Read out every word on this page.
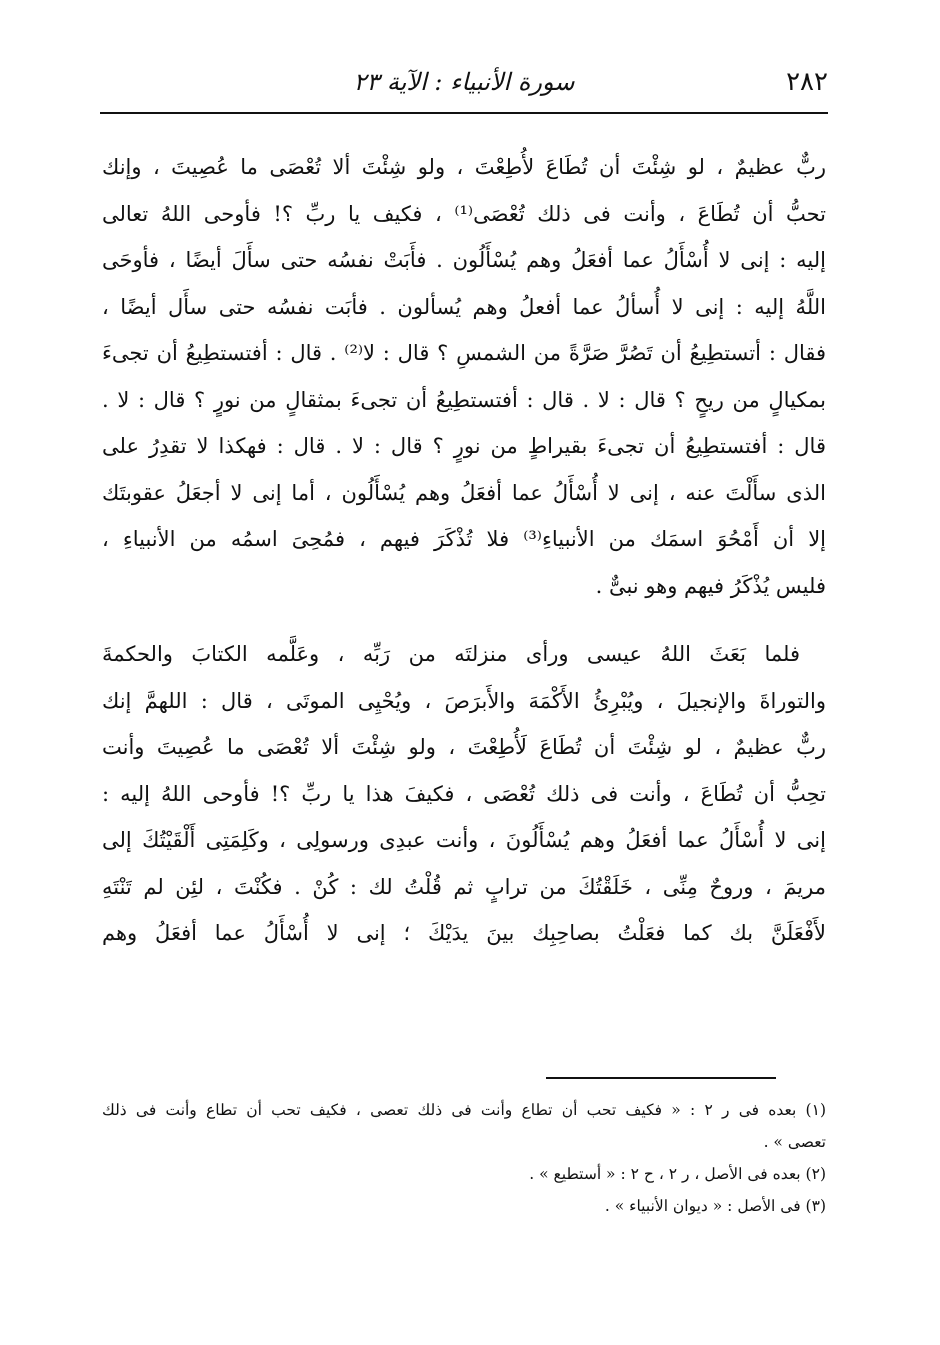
٢٨٢
سورة الأنبياء : الآية ٢٣
ربٌّ عظيمٌ ، لو شِئْتَ أن تُطَاعَ لأُطِعْتَ ، ولو شِئْتَ ألا تُعْصَى ما عُصِيتَ ، وإنك
تحبُّ أن تُطَاعَ ، وأنت فى ذلك تُعْصَى⁽¹⁾ ، فكيف يا ربِّ ؟! فأوحى اللهُ تعالى
إليه : إنى لا أُسْأَلُ عما أفعَلُ وهم يُسْأَلُون . فأَبَتْ نفسُه حتى سأَلَ أيضًا ، فأوحَى
اللَّهُ إليه : إنى لا أُسألُ عما أفعلُ وهم يُسألون . فأبَت نفسُه حتى سأَل أيضًا ،
فقال : أتستطِيعُ أن تَصُرَّ صَرَّةً من الشمسِ ؟ قال : لا⁽²⁾ . قال : أفتستطِيعُ أن تجىءَ
بمكيالٍ من ريحٍ ؟ قال : لا . قال : أفتستطِيعُ أن تجىءَ بمثقالٍ من نورٍ ؟ قال : لا .
قال : أفتستطِيعُ أن تجىءَ بقيراطٍ من نورٍ ؟ قال : لا . قال : فهكذا لا تقدِرُ على
الذى سأَلْتَ عنه ، إنى لا أُسْأَلُ عما أفعَلُ وهم يُسْأَلُون ، أما إنى لا أجعَلُ عقوبتَك
إلا أن أَمْحُوَ اسمَك من الأنبياءِ⁽³⁾ فلا تُذْكَرَ فيهم ، فمُحِىَ اسمُه من الأنبياءِ ،
فليس يُذْكَرُ فيهم وهو نبىٌّ .
فلما بَعَثَ اللهُ عيسى ورأى منزلتَه من رَبِّه ، وعَلَّمه الكتابَ والحكمةَ
والتوراةَ والإنجيلَ ، ويُبْرِئُ الأَكْمَهَ والأَبرَصَ ، ويُحْيِى الموتَى ، قال : اللهمَّ إنك
ربٌّ عظيمٌ ، لو شِئْتَ أن تُطَاعَ لَأُطِعْتَ ، ولو شِئْتَ ألا تُعْصَى ما عُصِيتَ وأنت
تحِبُّ أن تُطَاعَ ، وأنت فى ذلك تُعْصَى ، فكيفَ هذا يا ربِّ ؟! فأوحى اللهُ إليه :
إنى لا أُسْأَلُ عما أفعَلُ وهم يُسْأَلُونَ ، وأنت عبدِى ورسولِى ، وكَلِمَتِى أَلْقَيْتُكَ إلى
مريمَ ، وروحٌ مِنِّى ، خَلَقْتُكَ من ترابٍ ثم قُلْتُ لك : كُنْ . فكُنْتَ ، لئِن لم تَنْتَهِ
لأَفْعَلَنَّ بك كما فعَلْتُ بصاحِبِك بينَ يدَيْكَ ؛ إنى لا أُسْأَلُ عما أفعَلُ وهم
(١) بعده فى ر ٢ : « فكيف تحب أن تطاع وأنت فى ذلك تعصى ، فكيف تحب أن تطاع وأنت فى ذلك
تعصى » .
(٢) بعده فى الأصل ، ر ٢ ، ح ٢ : « أستطيع » .
(٣) فى الأصل : « ديوان الأنبياء » .
